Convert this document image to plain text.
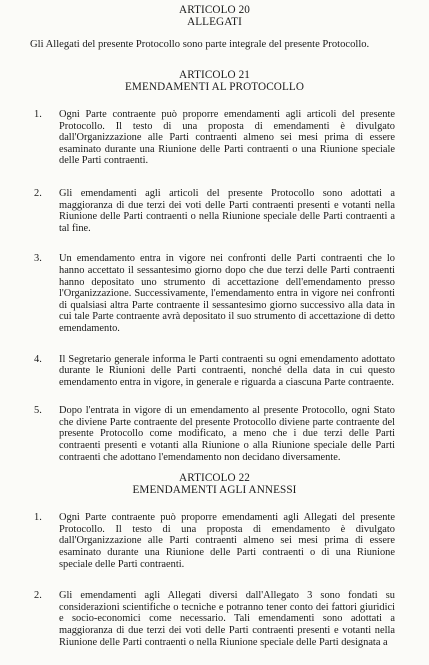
ARTICOLO 20
ALLEGATI
Gli Allegati del presente Protocollo sono parte integrale del presente Protocollo.
ARTICOLO 21
EMENDAMENTI AL PROTOCOLLO
1. Ogni Parte contraente può proporre emendamenti agli articoli del presente Protocollo. Il testo di una proposta di emendamenti è divulgato dall'Organizzazione alle Parti contraenti almeno sei mesi prima di essere esaminato durante una Riunione delle Parti contraenti o una Riunione speciale delle Parti contraenti.
2. Gli emendamenti agli articoli del presente Protocollo sono adottati a maggioranza di due terzi dei voti delle Parti contraenti presenti e votanti nella Riunione delle Parti contraenti o nella Riunione speciale delle Parti contraenti a tal fine.
3. Un emendamento entra in vigore nei confronti delle Parti contraenti che lo hanno accettato il sessantesimo giorno dopo che due terzi delle Parti contraenti hanno depositato uno strumento di accettazione dell'emendamento presso l'Organizzazione. Successivamente, l'emendamento entra in vigore nei confronti di qualsiasi altra Parte contraente il sessantesimo giorno successivo alla data in cui tale Parte contraente avrà depositato il suo strumento di accettazione di detto emendamento.
4. Il Segretario generale informa le Parti contraenti su ogni emendamento adottato durante le Riunioni delle Parti contraenti, nonché della data in cui questo emendamento entra in vigore, in generale e riguarda a ciascuna Parte contraente.
5. Dopo l'entrata in vigore di un emendamento al presente Protocollo, ogni Stato che diviene Parte contraente del presente Protocollo diviene parte contraente del presente Protocollo come modificato, a meno che i due terzi delle Parti contraenti presenti e votanti alla Riunione o alla Riunione speciale delle Parti contraenti che adottano l'emendamento non decidano diversamente.
ARTICOLO 22
EMENDAMENTI AGLI ANNESSI
1. Ogni Parte contraente può proporre emendamenti agli Allegati del presente Protocollo. Il testo di una proposta di emendamento è divulgato dall'Organizzazione alle Parti contraenti almeno sei mesi prima di essere esaminato durante una Riunione delle Parti contraenti o di una Riunione speciale delle Parti contraenti.
2. Gli emendamenti agli Allegati diversi dall'Allegato 3 sono fondati su considerazioni scientifiche o tecniche e potranno tener conto dei fattori giuridici e socio-economici come necessario. Tali emendamenti sono adottati a maggioranza di due terzi dei voti delle Parti contraenti presenti e votanti nella Riunione delle Parti contraenti o nella Riunione speciale delle Parti designata a
